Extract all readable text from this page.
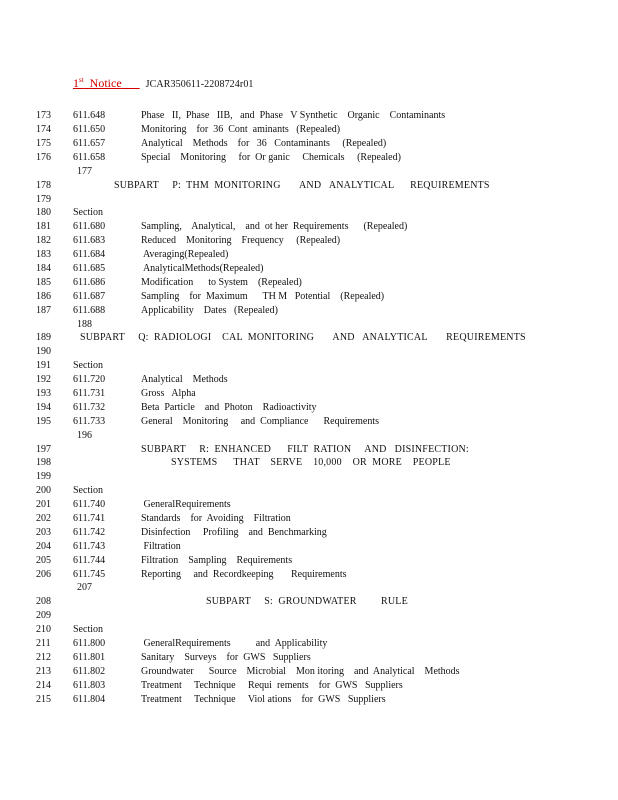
1st Notice JCAR350611-2208724r01
173 611.648	Phase   II,  Phase   IIB,   and  Phase   V Synthetic    Organic    Contaminants
174 611.650	Monitoring    for  36  Cont  aminants   (Repealed)
175 611.657	Analytical    Methods    for   36   Contaminants     (Repealed)
176 611.658	Special    Monitoring     for  Or ganic     Chemicals     (Repealed)
177
178	SUBPART     P:  THM  MONITORING       AND   ANALYTICAL      REQUIREMENTS
179
180 Section
181 611.680	Sampling,    Analytical,    and  ot her  Requirements      (Repealed)
182 611.683	Reduced    Monitoring    Frequency     (Repealed)
183 611.684	Averaging(Repealed)
184 611.685	AnalyticalMethods(Repealed)
185 611.686	Modification      to System    (Repealed)
186 611.687	Sampling    for  Maximum      TH M   Potential    (Repealed)
187 611.688	Applicability    Dates   (Repealed)
188
189	SUBPART     Q:  RADIOLOGI    CAL  MONITORING       AND   ANALYTICAL       REQUIREMENTS
190
191 Section
192 611.720	Analytical    Methods
193 611.731	Gross   Alpha
194 611.732	Beta  Particle    and  Photon    Radioactivity
195 611.733	General    Monitoring     and  Compliance      Requirements
196
197	SUBPART     R:  ENHANCED      FILT  RATION     AND   DISINFECTION:
198	SYSTEMS      THAT    SERVE    10,000    OR  MORE    PEOPLE
199
200 Section
201 611.740	GeneralRequirements
202 611.741	Standards    for  Avoiding    Filtration
203 611.742	Disinfection     Profiling    and  Benchmarking
204 611.743	Filtration
205 611.744	Filtration    Sampling    Requirements
206 611.745	Reporting     and  Recordkeeping       Requirements
207
208	SUBPART     S:  GROUNDWATER         RULE
209
210 Section
211 611.800	GeneralRequirements          and  Applicability
212 611.801	Sanitary    Surveys    for  GWS   Suppliers
213 611.802	Groundwater      Source    Microbial    Mon itoring    and  Analytical    Methods
214 611.803	Treatment     Technique     Requi  rements    for  GWS   Suppliers
215 611.804	Treatment     Technique     Viol ations    for  GWS   Suppliers
